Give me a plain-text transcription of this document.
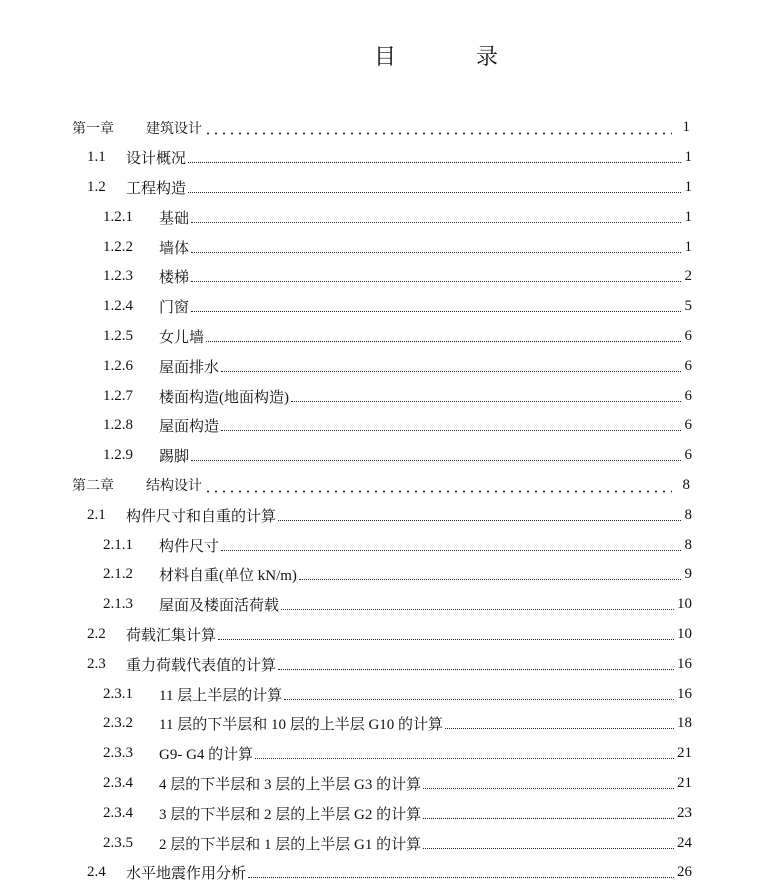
目	录
第一章	建筑设计	1
1.1	设计概况	1
1.2	工程构造	1
1.2.1	基础	1
1.2.2	墙体	1
1.2.3	楼梯	2
1.2.4	门窗	5
1.2.5	女儿墙	6
1.2.6	屋面排水	6
1.2.7	楼面构造(地面构造)	6
1.2.8	屋面构造	6
1.2.9	踢脚	6
第二章	结构设计	8
2.1	构件尺寸和自重的计算	8
2.1.1	构件尺寸	8
2.1.2	材料自重(单位 kN/m)	9
2.1.3	屋面及楼面活荷载	10
2.2	荷载汇集计算	10
2.3	重力荷载代表值的计算	16
2.3.1	11 层上半层的计算	16
2.3.2	11 层的下半层和 10 层的上半层 G10 的计算	18
2.3.3	G9- G4 的计算	21
2.3.4	4 层的下半层和 3 层的上半层 G3 的计算	21
2.3.4	3 层的下半层和 2 层的上半层 G2 的计算	23
2.3.5	2 层的下半层和 1 层的上半层 G1 的计算	24
2.4	水平地震作用分析	26
